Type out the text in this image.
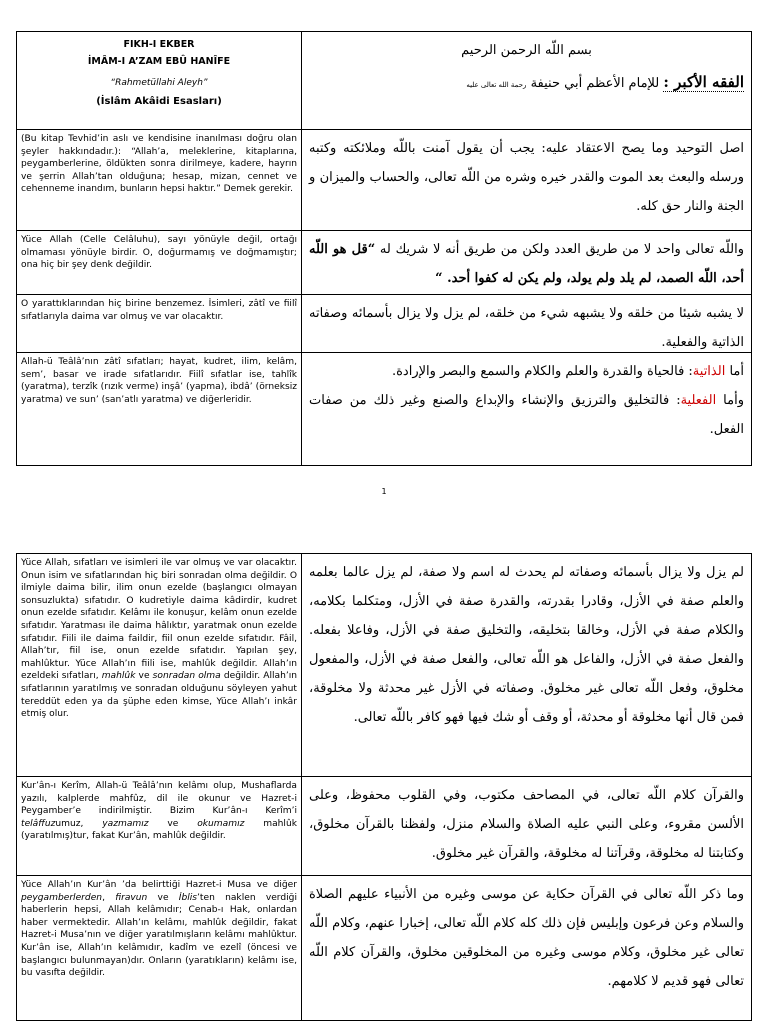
FIKH-I EKBER
İMÂM-I A’ZAM EBÛ HANÎFE
“Rahmetüllahi Aleyh”
(İslâm Akâidi Esasları)
بسم اللّه الرحمن الرحيم
الفقه الأكبر : للإمام الأعظم أبي حنيفة رحمة الله تعالى عليه
(Bu kitap Tevhid’in aslı ve kendisine inanılması doğru olan şeyler hakkındadır.): “Allah’a, meleklerine, kitaplarına, peygamberlerine, öldükten sonra dirilmeye, kadere, hayrın ve şerrin Allah’tan olduğuna; hesap, mizan, cennet ve cehenneme inandım, bunların hepsi haktır.” Demek gerekir.
اصل التوحيد وما يصح الاعتقاد عليه: يجب أن يقول آمنت باللّه وملائكته وكتبه ورسله والبعث بعد الموت والقدر خيره وشره من اللّه تعالى، والحساب والميزان و الجنة والنار حق كله.
Yüce Allah (Celle Celâluhu), sayı yönüyle değil, ortağı olmaması yönüyle birdir. O, doğurmamış ve doğmamıştır; ona hiç bir şey denk değildir.
واللّه تعالى واحد لا من طريق العدد ولكن من طريق أنه لا شريك له “قل هو اللّه أحد، اللّه الصمد، لم يلد ولم يولد، ولم يكن له كفوا أحد. “
O yarattıklarından hiç birine benzemez. İsimleri, zâtî ve fiilî sıfatlarıyla daima var olmuş ve var olacaktır.	لا يشبه شيئا من خلقه ولا يشبهه شيء من خلقه، لم يزل ولا يزال بأسمائه وصفاته الذاتية والفعلية.
Allah-ü Teâlâ’nın zâtî sıfatları; hayat, kudret, ilim, kelâm, sem’, basar ve irade sıfatlarıdır. Fiilî sıfatlar ise, tahlîk (yaratma), terzîk (rızık verme) inşâ’ (yapma), ibdâ’ (örneksiz yaratma) ve sun’ (san’atlı yaratma) ve diğerleridir.
أما الذاتية: فالحياة والقدرة والعلم والكلام والسمع والبصر والإرادة.
وأما الفعلية: فالتخليق والترزيق والإنشاء والإبداع والصنع وغير ذلك من صفات الفعل.
1
Yüce Allah, sıfatları ve isimleri ile var olmuş ve var olacaktır. Onun isim ve sıfatlarından hiç biri sonradan olma değildir. O ilmiyle daima bilir, ilim onun ezelde (başlangıcı olmayan sonsuzlukta) sıfatıdır. O kudretiyle daima kâdirdir, kudret onun ezelde sıfatıdır. Kelâmı ile konuşur, kelâm onun ezelde sıfatıdır. Yaratması ile daima hâlıktır, yaratmak onun ezelde sıfatıdır. Fiili ile daima faildir, fiil onun ezelde sıfatıdır. Fâil, Allah’tır, fiil ise, onun ezelde sıfatıdır. Yapılan şey, mahlûktur. Yüce Allah’ın fiili ise, mahlûk değildir. Allah’ın ezeldeki sıfatları, mahlûk ve sonradan olma değildir. Allah’ın sıfatlarının yaratılmış ve sonradan olduğunu söyleyen yahut tereddüt eden ya da şüphe eden kimse, Yüce Allah’ı inkâr etmiş olur.
لم يزل ولا يزال بأسمائه وصفاته لم يحدث له اسم ولا صفة، لم يزل عالما بعلمه والعلم صفة في الأزل، وقادرا بقدرته، والقدرة صفة في الأزل، ومتكلما بكلامه، والكلام صفة في الأزل، وخالقا بتخليقه، والتخليق صفة في الأزل، وفاعلا بفعله. والفعل صفة في الأزل، والفاعل هو اللّه تعالى، والفعل صفة في الأزل، والمفعول مخلوق، وفعل اللّه تعالى غير مخلوق. وصفاته في الأزل غير محدثة ولا مخلوقة، فمن قال أنها مخلوقة أو محدثة، أو وقف أو شك فيها فهو كافر باللّه تعالى.
Kur’ân-ı Kerîm, Allah-ü Teâlâ’nın kelâmı olup, Mushaflarda yazılı, kalplerde mahfûz, dil ile okunur ve Hazret-i Peygamber’e indirilmiştir. Bizim Kur’ân-ı Kerîm’i telâffuzumuz, yazmamız ve okumamız mahlûk (yaratılmış)tur, fakat Kur’ân, mahlûk değildir.
والقرآن كلام اللّه تعالى، في المصاحف مكتوب، وفي القلوب محفوظ، وعلى الألسن مقروء، وعلى النبي عليه الصلاة والسلام منزل، ولفظنا بالقرآن مخلوق، وكتابتنا له مخلوقة، وقرآتنا له مخلوقة، والقرآن غير مخلوق.
Yüce Allah’ın Kur’ân ’da belirttiği Hazret-i Musa ve diğer peygamberlerden, firavun ve İblis’ten naklen verdiği haberlerin hepsi, Allah kelâmıdır; Cenab-ı Hak, onlardan haber vermektedir. Allah’ın kelâmı, mahlûk değildir, fakat Hazret-i Musa’nın ve diğer yaratılmışların kelâmı mahlûktur. Kur’ân ise, Allah’ın kelâmıdır, kadîm ve ezelî (öncesi ve başlangıcı bulunmayan)dır. Onların (yaratıkların) kelâmı ise, bu vasıfta değildir.
وما ذكر اللّه تعالى في القرآن حكاية عن موسى وغيره من الأنبياء عليهم الصلاة والسلام وعن فرعون وإبليس فإن ذلك كله كلام اللّه تعالى، إخبارا عنهم، وكلام اللّه تعالى غير مخلوق، وكلام موسى وغيره من المخلوقين مخلوق، والقرآن كلام اللّه تعالى فهو قديم لا كلامهم.
